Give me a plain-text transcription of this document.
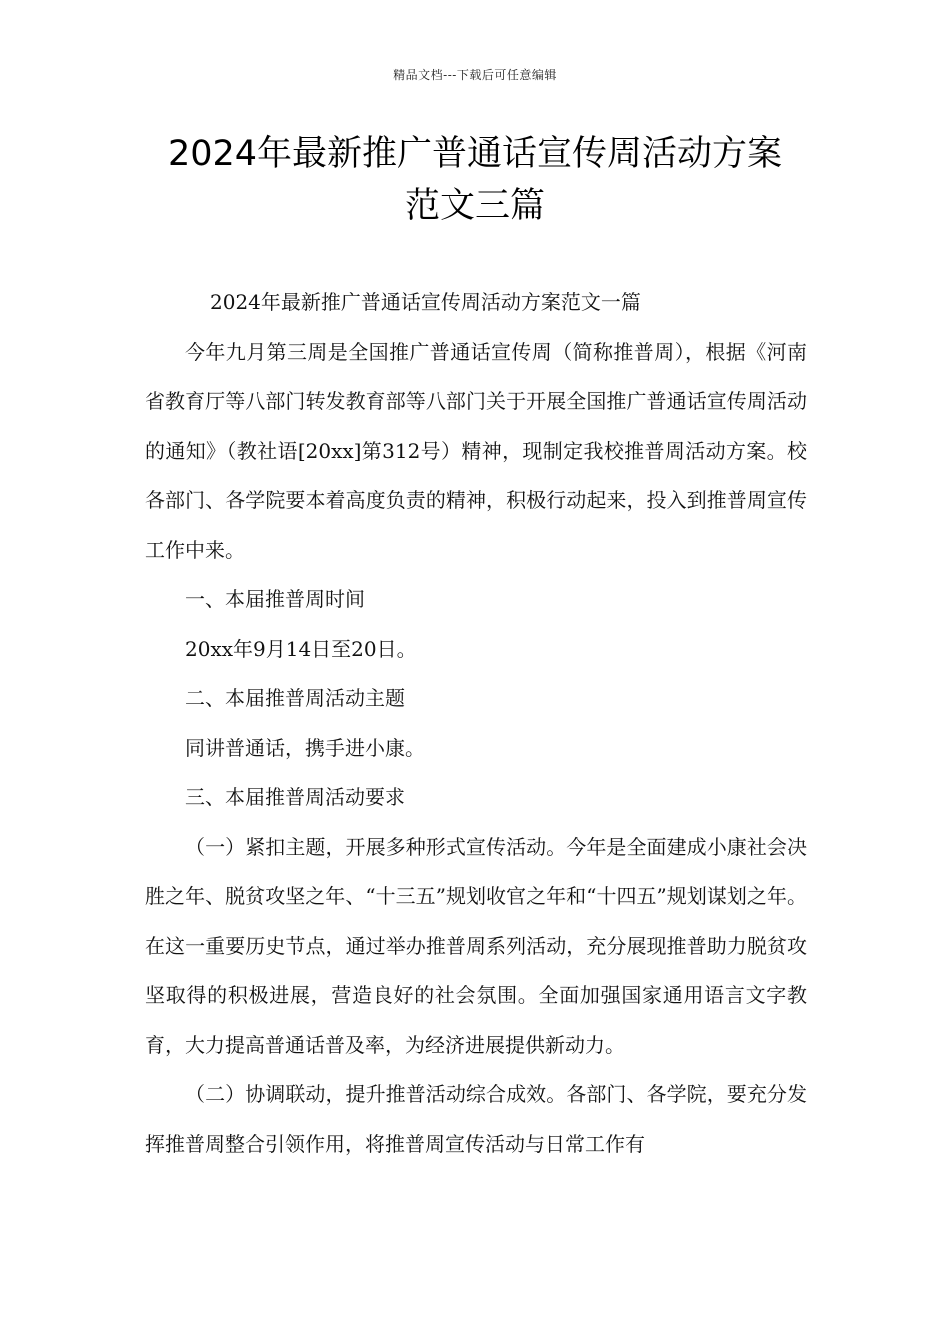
精品文档---下载后可任意编辑
2024年最新推广普通话宣传周活动方案
范文三篇

2024年最新推广普通话宣传周活动方案范文一篇

今年九月第三周是全国推广普通话宣传周（简称推普周），根据《河南省教育厅等八部门转发教育部等八部门关于开展全国推广普通话宣传周活动的通知》（教社语[20xx]第312号）精神，现制定我校推普周活动方案。校各部门、各学院要本着高度负责的精神，积极行动起来，投入到推普周宣传工作中来。

一、本届推普周时间

20xx年9月14日至20日。

二、本届推普周活动主题

同讲普通话，携手进小康。

三、本届推普周活动要求

（一）紧扣主题，开展多种形式宣传活动。今年是全面建成小康社会决胜之年、脱贫攻坚之年、“十三五”规划收官之年和“十四五”规划谋划之年。在这一重要历史节点，通过举办推普周系列活动，充分展现推普助力脱贫攻坚取得的积极进展，营造良好的社会氛围。全面加强国家通用语言文字教育，大力提高普通话普及率，为经济进展提供新动力。

（二）协调联动，提升推普活动综合成效。各部门、各学院，要充分发挥推普周整合引领作用，将推普周宣传活动与日常工作有
